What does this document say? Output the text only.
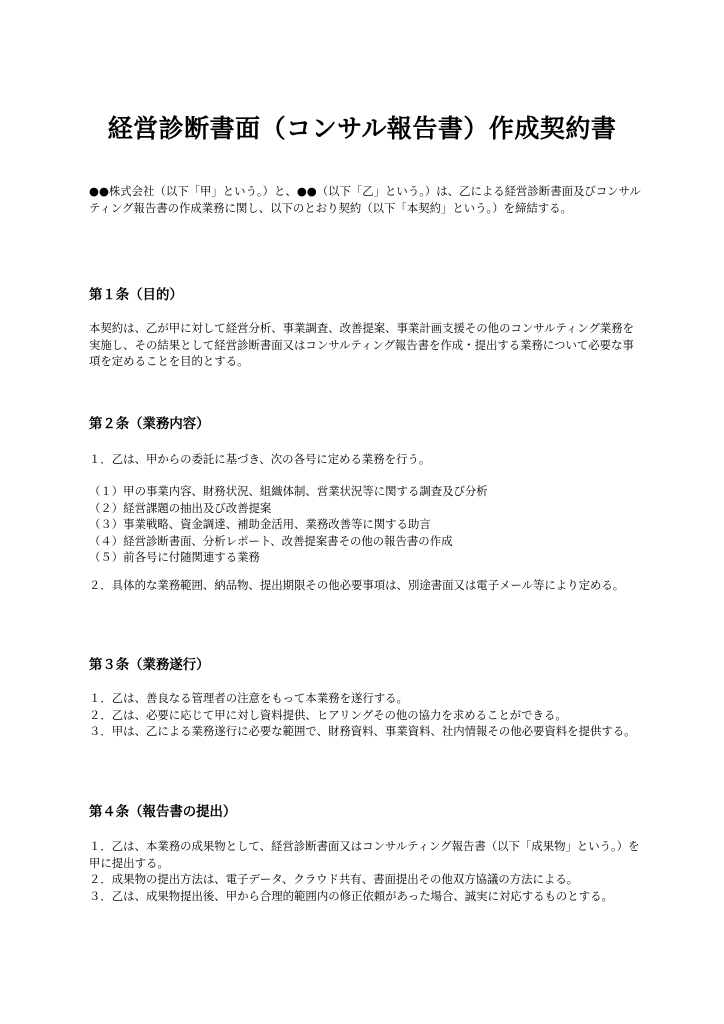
経営診断書面（コンサル報告書）作成契約書
●●株式会社（以下「甲」という。）と、●●（以下「乙」という。）は、乙による経営診断書面及びコンサルティング報告書の作成業務に関し、以下のとおり契約（以下「本契約」という。）を締結する。
第１条（目的）
本契約は、乙が甲に対して経営分析、事業調査、改善提案、事業計画支援その他のコンサルティング業務を実施し、その結果として経営診断書面又はコンサルティング報告書を作成・提出する業務について必要な事項を定めることを目的とする。
第２条（業務内容）
１．乙は、甲からの委託に基づき、次の各号に定める業務を行う。
（１）甲の事業内容、財務状況、組織体制、営業状況等に関する調査及び分析
（２）経営課題の抽出及び改善提案
（３）事業戦略、資金調達、補助金活用、業務改善等に関する助言
（４）経営診断書面、分析レポート、改善提案書その他の報告書の作成
（５）前各号に付随関連する業務
２．具体的な業務範囲、納品物、提出期限その他必要事項は、別途書面又は電子メール等により定める。
第３条（業務遂行）
１．乙は、善良なる管理者の注意をもって本業務を遂行する。
２．乙は、必要に応じて甲に対し資料提供、ヒアリングその他の協力を求めることができる。
３．甲は、乙による業務遂行に必要な範囲で、財務資料、事業資料、社内情報その他必要資料を提供する。
第４条（報告書の提出）
１．乙は、本業務の成果物として、経営診断書面又はコンサルティング報告書（以下「成果物」という。）を甲に提出する。
２．成果物の提出方法は、電子データ、クラウド共有、書面提出その他双方協議の方法による。
３．乙は、成果物提出後、甲から合理的範囲内の修正依頼があった場合、誠実に対応するものとする。
